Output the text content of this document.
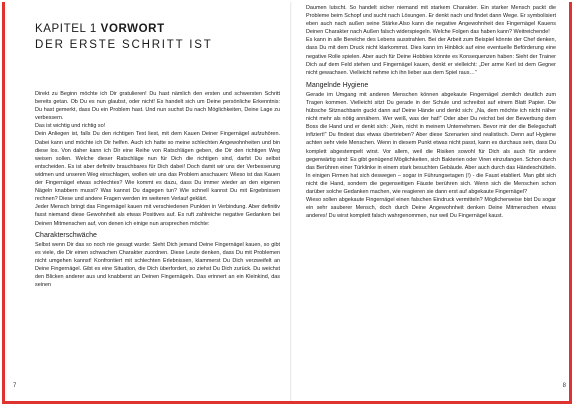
KAPITEL 1 VORWORT
DER ERSTE SCHRITT IST

Direkt zu Beginn möchte ich Dir gratulieren! Du hast nämlich den ersten und schwersten Schritt bereits getan. Ob Du es nun glaubst, oder nicht! Es handelt sich um Deine persönliche Erkenntnis: Du hast gemerkt, dass Du ein Problem hast. Und nun suchst Du nach Möglichkeiten, Deine Lage zu verbessern.

Das ist wichtig und richtig so!

Dein Anliegen ist, falls Du den richtigen Text liest, mit dem Kauen Deiner Fingernägel aufzuhören. Dabei kann und möchte ich Dir helfen. Auch ich hatte so meine schlechten Angewohnheiten und bin diese los. Von daher kann ich Dir eine Reihe von Ratschlägen geben, die Dir den richtigen Weg weisen sollen. Welche dieser Ratschläge nun für Dich die richtigen sind, darfst Du selbst entscheiden. Es ist aber definitiv brauchbares für Dich dabei! Doch damit wir uns der Verbesserung widmen und unseren Weg einschlagen, wollen wir uns das Problem anschauen: Wieso ist das Kauen der Fingernägel etwas schlechtes? Wie kommt es dazu, dass Du immer wieder an den eigenen Nägeln knabbern musst? Was kannst Du dagegen tun? Wie schnell kannst Du mit Ergebnissen rechnen? Diese und andere Fragen werden im weiteren Verlauf geklärt.

Jeder Mensch bringt das Fingernägel kauen mit verschiedenen Punkten in Verbindung. Aber definitiv fasst niemand diese Gewohnheit als etwas Positives auf. Es ruft zahlreiche negative Gedanken bei Deinen Mitmenschen auf, von denen ich einige nun ansprechen möchte:

Charakterschwäche

Selbst wenn Dir das so noch nie gesagt wurde: Sieht Dich jemand Deine Fingernägel kauen, so gibt es viele, die Dir einen schwachen Charakter zuordnen. Diese Leute denken, dass Du mit Problemen nicht umgehen kannst! Konfrontiert mit schlechten Erlebnissen, klammerst Du Dich verzweifelt an Deine Fingernägel. Gibt es eine Situation, die Dich überfordert, so ziehst Du Dich zurück. Du weichst den Blicken anderer aus und knabberst an Deinen Fingernägeln. Das erinnert an ein Kleinkind, das seinen

7

Daumen lutscht. So handelt sicher niemand mit starkem Charakter. Ein starker Mensch packt die Probleme beim Schopf und sucht nach Lösungen. Er denkt nach und findet dann Wege. Er symbolisiert eben auch nach außen seine Stärke.Also kann die negative Angewohnheit des Fingernägel Kauens Deinen Charakter nach Außen falsch widerspiegeln. Welche Folgen das haben kann? Weitreichende!

Es kann in alle Bereiche des Lebens ausstrahlen. Bei der Arbeit zum Beispiel könnte der Chef denken, dass Du mit dem Druck nicht klarkommst. Dies kann im Hinblick auf eine eventuelle Beförderung eine negative Rolle spielen. Aber auch für Deine Hobbies könnte es Konsequenzen haben: Sieht der Trainer Dich auf dem Feld stehen und Fingernägel kauen, denkt er vielleicht: „Der arme Kerl ist dem Gegner nicht gewachsen. Vielleicht nehme ich ihn lieber aus dem Spiel raus…“

Mangelnde Hygiene

Gerade im Umgang mit anderen Menschen können abgekaute Fingernägel ziemlich deutlich zum Tragen kommen. Vielleicht sitzt Du gerade in der Schule und schreibst auf einem Blatt Papier. Die hübsche Sitznachbarin guckt dann auf Deine Hände und denkt sich: „Na, dem möchte ich nicht näher nicht mehr als nötig annähern. Wer weiß, was der hat!“ Oder aber Du reichst bei der Bewerbung dem Boss die Hand und er denkt sich: „Nein, nicht in meinem Unternehmen. Bevor mir der die Belegschaft infiziert!“ Du findest das etwas übertrieben? Aber diese Szenarien sind realistisch. Denn auf Hygiene achten sehr viele Menschen. Wenn in diesem Punkt etwas nicht passt, kann es durchaus sein, dass Du komplett abgestempelt wirst. Vor allem, weil die Risiken sowohl für Dich als auch für andere gegenwärtig sind: Es gibt genügend Möglichkeiten, sich Bakterien oder Viren einzufangen. Schon durch das Berühren einer Türklinke in einem stark besuchten Gebäude. Aber auch durch das Händeschütteln. In einigen Firmen hat sich deswegen – sogar in Führungsetagen (!) - die Faust etabliert. Man gibt sich nicht die Hand, sondern die gegenseitigen Fäuste berühren sich. Wenn sich die Menschen schon darüber solche Gedanken machen, wie reagieren sie dann erst auf abgekaute Fingernägel?

Wieso sollen abgekaute Fingernägel einen falschen Eindruck vermitteln? Möglicherweise bist Du sogar ein sehr sauberer Mensch, doch durch Deine Angewohnheit denken Deine Mitmenschen etwas anderes! Du wirst komplett falsch wahrgenommen, nur weil Du Fingernägel kaust.

8
